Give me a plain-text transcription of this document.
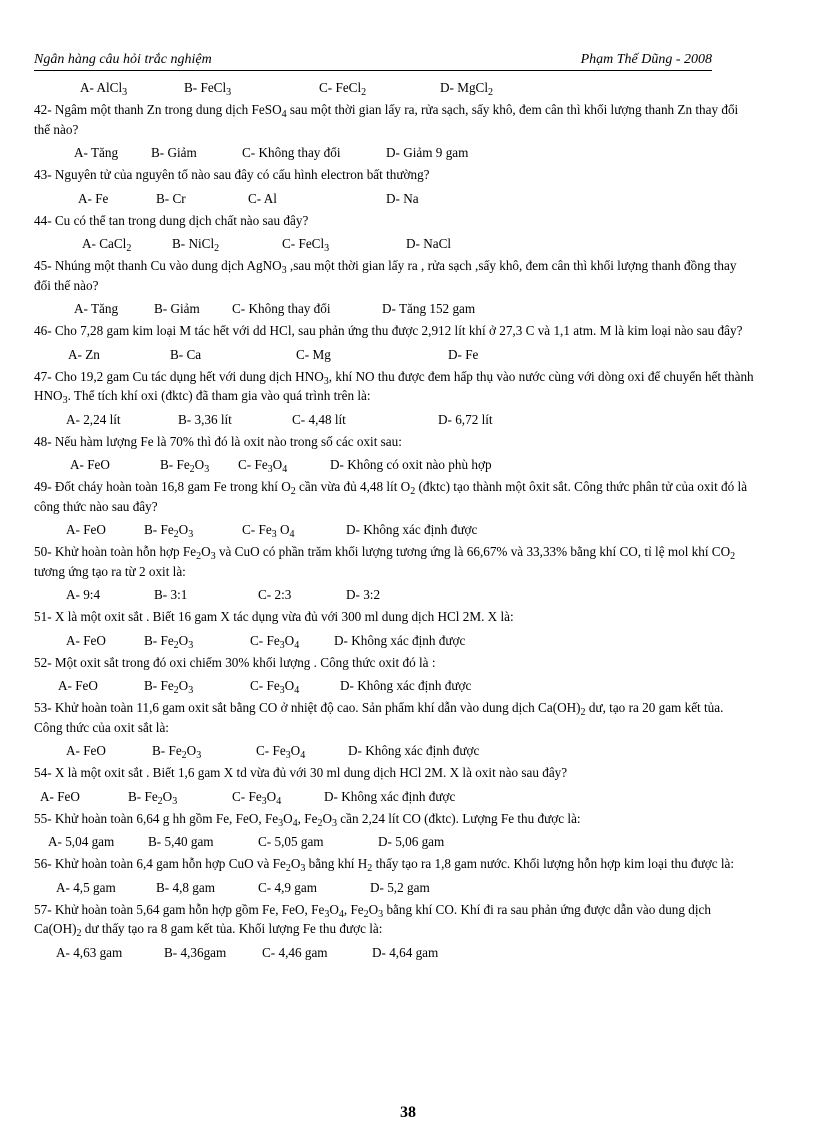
Ngân hàng câu hỏi trắc nghiệm	Phạm Thế Dũng - 2008
A- AlCl$_3$	B- FeCl$_3$	C- FeCl$_2$	D- MgCl$_2$
42- Ngâm một thanh Zn trong dung dịch FeSO$_4$ sau một thời gian lấy ra, rửa sạch, sấy khô, đem cân thì khối lượng thanh Zn thay đổi thế nào?
A- Tăng B- Giảm	C- Không thay đổi	D- Giảm 9 gam
43- Nguyên tử của nguyên tố nào sau đây có cấu hình electron bất thường?
A- Fe	B- Cr	C- Al	D- Na
44- Cu có thể tan trong dung dịch chất nào sau đây?
A- CaCl$_2$	B- NiCl$_2$	C- FeCl$_3$	D- NaCl
45- Nhúng một thanh Cu vào dung dịch AgNO$_3$ ,sau một thời gian lấy ra , rửa sạch ,sấy khô, đem cân thì khối lượng thanh đồng thay đổi thế nào?
A- Tăng	B- Giảm C- Không thay đổi	D- Tăng 152 gam
46- Cho 7,28 gam kim loại M tác hết với dd HCl, sau phản ứng thu được 2,912 lít khí ở 27,3 C và 1,1 atm. M là kim loại nào sau đây?
A- Zn	B- Ca	C- Mg	D- Fe
47- Cho 19,2 gam Cu tác dụng hết với dung dịch $HNO_3$, khí NO thu được đem hấp thụ vào nước cùng với dòng oxi để chuyển hết thành $HNO_3$. Thể tích khí oxi (đktc) đã tham gia vào quá trình trên là:
A- 2,24 lít	B- 3,36 lít	C- 4,48 lít	D- 6,72 lít
48- Nếu hàm lượng Fe là 70% thì đó là oxit nào trong số các oxit sau:
A- FeO	B- $Fe_2O_3$ C- $Fe_3O_4$	D- Không có oxit nào phù hợp
49- Đốt cháy hoàn toàn 16,8 gam Fe trong khí $O_2$ cần vừa đủ 4,48 lít $O_2$ (đktc) tạo thành một ôxit sắt. Công thức phân tử của oxit đó là công thức nào sau đây?
A- FeO	B- $Fe_2O_3$	C- $Fe_3$ $O_4$	D- Không xác định được
50- Khử hoàn toàn hỗn hợp $Fe_2O_3$ và CuO có phần trăm khối lượng tương ứng là 66,67% và 33,33% bằng khí CO, tỉ lệ mol khí $CO_2$ tương ứng tạo ra từ 2 oxit là:
A- 9:4	B- 3:1	C- 2:3	D- 3:2
51- X là một oxit sắt . Biết 16 gam X tác dụng vừa đủ với 300 ml dung dịch HCl 2M. X là:
A- FeO	B- $Fe_2O_3$	C- $Fe_3O_4$	D- Không xác định được
52- Một oxit sắt trong đó oxi chiếm 30% khối lượng . Công thức oxit đó là :
A- FeO	B- $Fe_2O_3$	C- $Fe_3O_4$	D- Không xác định được
53- Khử hoàn toàn 11,6 gam oxit sắt bằng CO ở nhiệt độ cao. Sản phẩm khí dẫn vào dung dịch $Ca(OH)_2$ dư, tạo ra 20 gam kết tủa. Công thức của oxit sắt là:
A- FeO	B- $Fe_2O_3$	C- $Fe_3O_4$	D- Không xác định được
54- X là một oxit sắt . Biết 1,6 gam X td vừa đủ với 30 ml dung dịch HCl 2M. X là oxit nào sau đây?
A- FeO	B- $Fe_2O_3$	C- $Fe_3O_4$	D- Không xác định được
55- Khử hoàn toàn 6,64 g hh gồm Fe, FeO, $Fe_3O_4$, $Fe_2O_3$ cần 2,24 lít CO (đktc). Lượng Fe thu được là:
A- 5,04 gam	B- 5,40 gam	C- 5,05 gam	D- 5,06 gam
56- Khử hoàn toàn 6,4 gam hỗn hợp CuO và $Fe_2O_3$ bằng khí $H_2$ thấy tạo ra 1,8 gam nước. Khối lượng hỗn hợp kim loại thu được là:
A- 4,5 gam	B- 4,8 gam	C- 4,9 gam	D- 5,2 gam
57- Khử hoàn toàn 5,64 gam hỗn hợp gồm Fe, FeO, $Fe_3O_4$, $Fe_2O_3$ bằng khí CO. Khí đi ra sau phản ứng được dẫn vào dung dịch $Ca(OH)_2$ dư thấy tạo ra 8 gam kết tủa. Khối lượng Fe thu được là:
A- 4,63 gam	B- 4,36gam	C- 4,46 gam	D- 4,64 gam
38
